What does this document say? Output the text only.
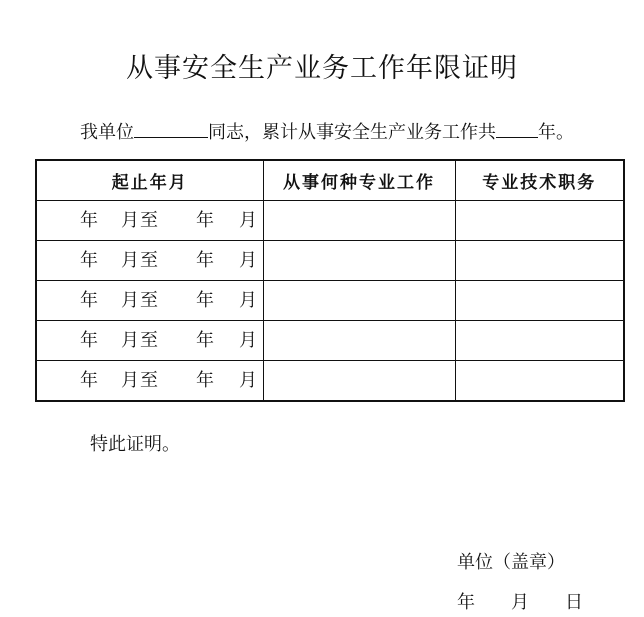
从事安全生产业务工作年限证明
我单位	同志，累计从事安全生产业务工作共 年。
起止年月	从事何种专业工作	专业技术职务

年 月 至 年 月		

年 月 至 年 月		

年 月 至 年 月		

年 月 至 年 月		

年 月 至 年 月		

特此证明。
单位（盖章）
年 月 日
